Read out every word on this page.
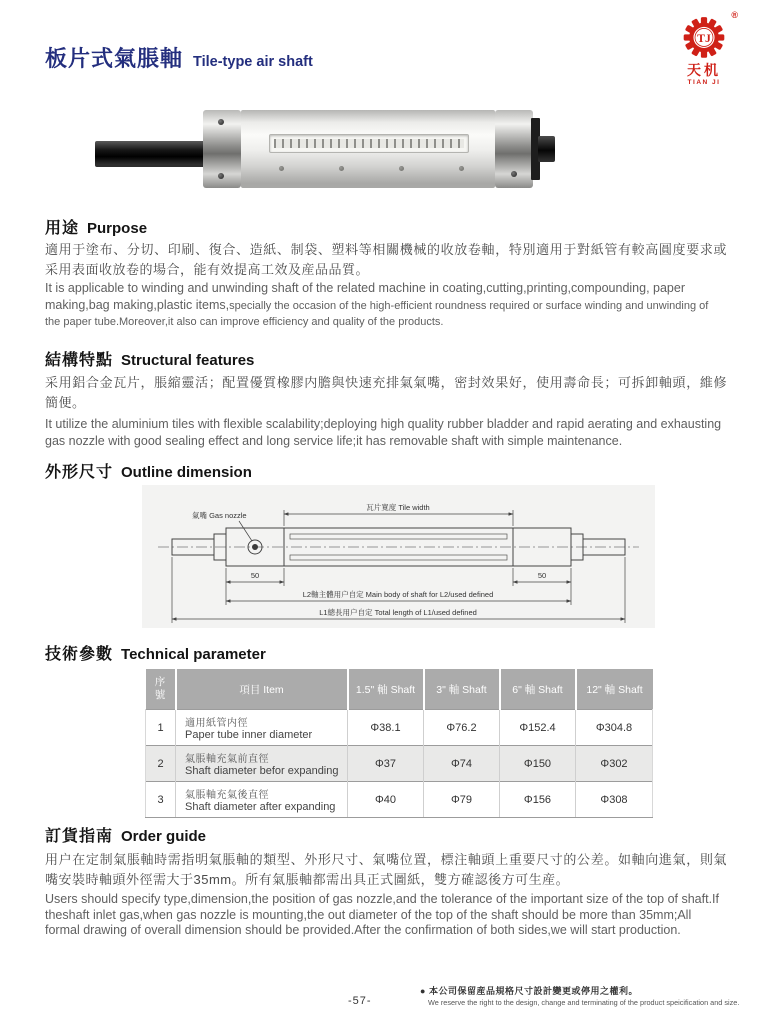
板片式氣脹軸 Tile-type air shaft
®
TJ
天机
TIAN JI
用途 Purpose
適用于塗布、分切、印刷、復合、造紙、制袋、塑料等相關機械的收放卷軸，特別適用于對紙管有較高圓度要求或采用表面收放卷的場合，能有效提高工效及産品品質。
It is applicable to winding and unwinding shaft of the related machine in coating,cutting,printing,compounding, paper making,bag making,plastic items,specially the occasion of the high-efficient roundness required or surface winding and unwinding of the paper tube.Moreover,it also can improve efficiency and quality of the products.
結構特點 Structural features
采用鋁合金瓦片，脹縮靈活；配置優質橡膠内膽與快速充排氣氣嘴，密封效果好，使用壽命長；可拆卸軸頭，維修簡便。
It utilize the aluminium tiles with flexible scalability;deploying high quality rubber bladder and rapid aerating and exhausting gas nozzle with good sealing effect and long service life;it has removable shaft with simple maintenance.
外形尺寸 Outline dimension
氣嘴 Gas nozzle
瓦片寬度 Tile width
50	50
L2軸主體用户自定 Main body of shaft for L2/used defined
L1總長用户自定 Total length of L1/used defined
技術參數 Technical parameter
序號	項目 Item	1.5" 軸 Shaft	3" 軸 Shaft	6" 軸 Shaft	12" 軸 Shaft
1	適用紙管内徑
Paper tube inner diameter	Φ38.1	Φ76.2	Φ152.4	Φ304.8
2	氣脹軸充氣前直徑
Shaft diameter befor expanding	Φ37	Φ74	Φ150	Φ302
3	氣脹軸充氣後直徑
Shaft diameter after expanding	Φ40	Φ79	Φ156	Φ308
訂貨指南 Order guide
用户在定制氣脹軸時需指明氣脹軸的類型、外形尺寸、氣嘴位置，標注軸頭上重要尺寸的公差。如軸向進氣，則氣嘴安裝時軸頭外徑需大于35mm。所有氣脹軸都需出具正式圖紙，雙方確認後方可生産。
Users should specify type,dimension,the position of gas nozzle,and the tolerance of the important size of the top of shaft.If theshaft inlet gas,when gas nozzle is mounting,the out diameter of the top of the shaft should be more than 35mm;All formal drawing of overall dimension should be provided.After the confirmation of both sides,we will start production.
-57-
● 本公司保留産品規格尺寸設計變更或停用之權利。
We reserve the right to the design, change and terminating of the product speicification and size.
